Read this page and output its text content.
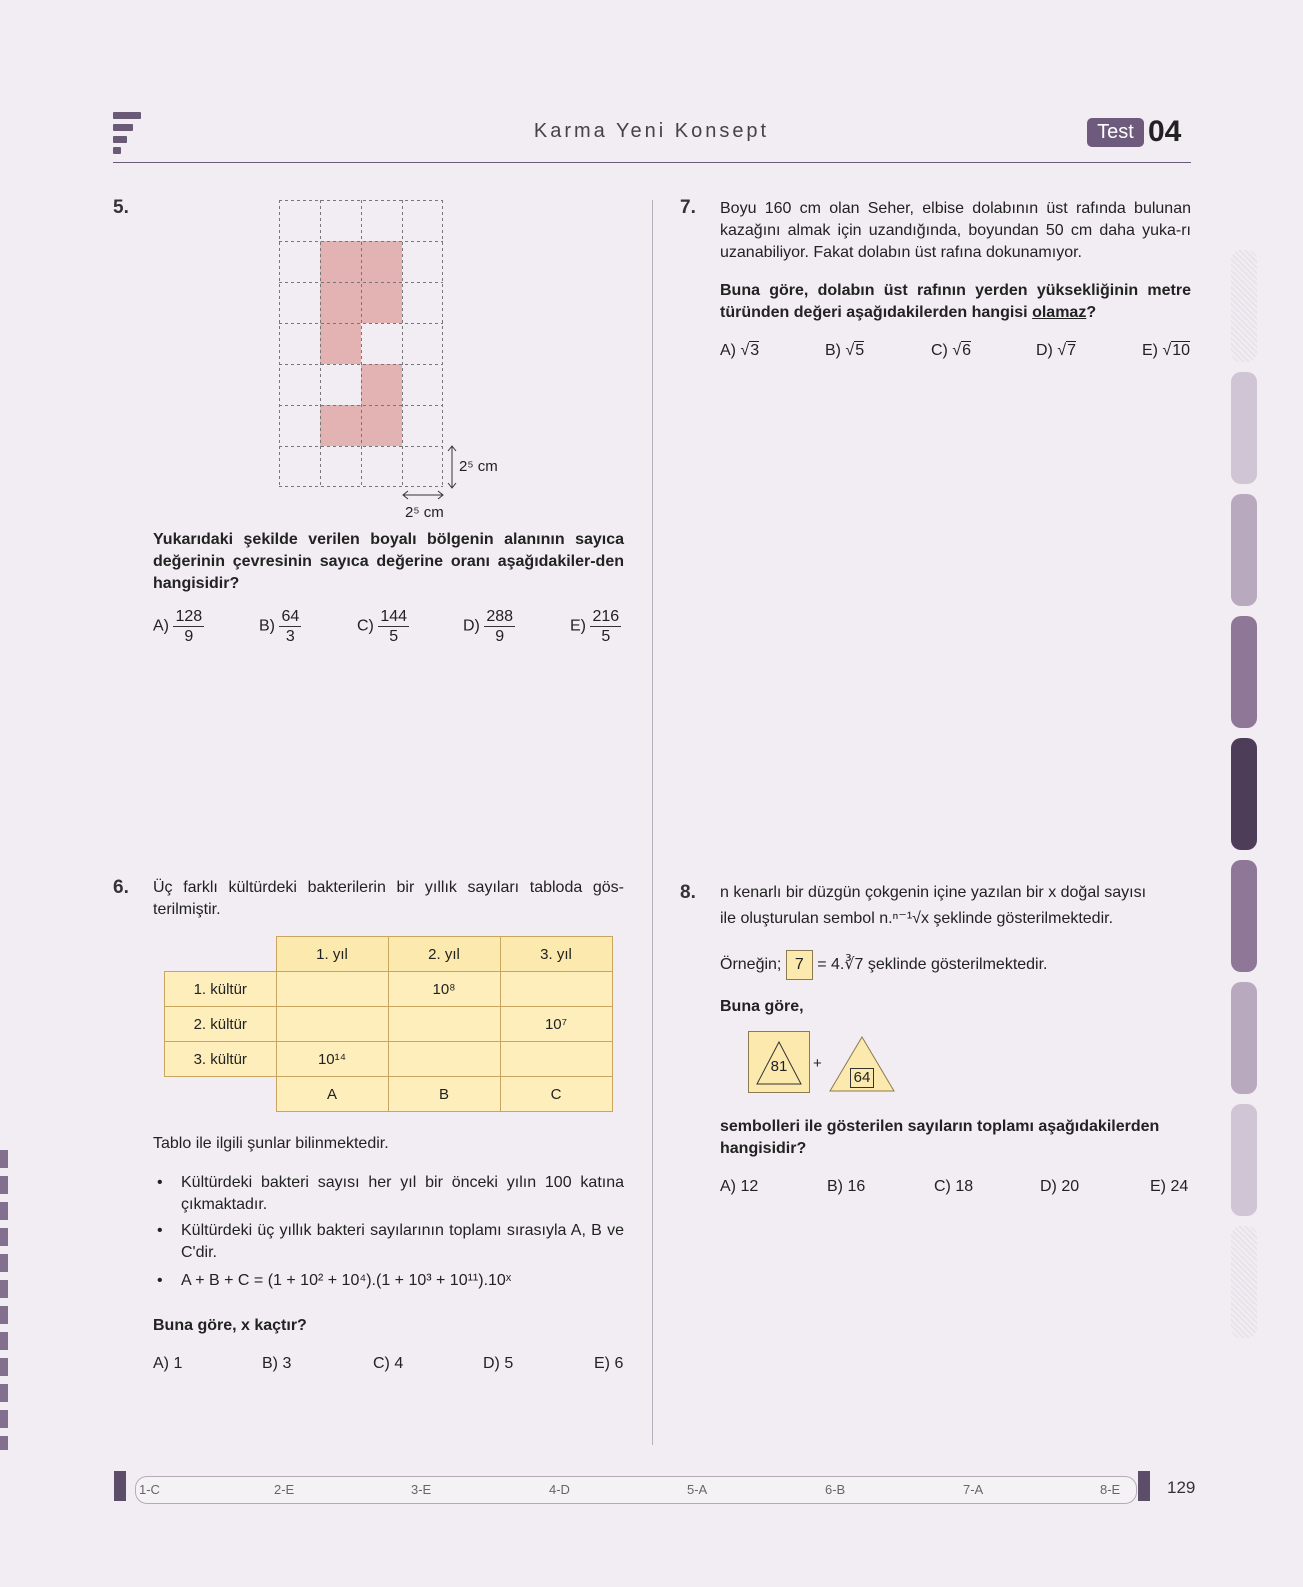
Karma Yeni Konsept	Test 04
5.
2⁵ cm
2⁵ cm
Yukarıdaki şekilde verilen boyalı bölgenin alanının sayıca değerinin çevresinin sayıca değerine oranı aşağıdakiler-den hangisidir?
$A) \frac{128}{9}$	$B) \frac{64}{3}$	$C) \frac{144}{5}$	$D) \frac{288}{9}$	$E) \frac{216}{5}$
6. Üç farklı kültürdeki bakterilerin bir yıllık sayıları tabloda gös-terilmiştir.
	1. yıl	2. yıl	3. yıl
1. kültür		10⁸	
2. kültür			10⁷
3. kültür	10¹⁴		
	A	B	C
Tablo ile ilgili şunlar bilinmektedir.
• Kültürdeki bakteri sayısı her yıl bir önceki yılın 100 katına çıkmaktadır.
• Kültürdeki üç yıllık bakteri sayılarının toplamı sırasıyla A, B ve C'dir.
• A + B + C = (1 + 10² + 10⁴).(1 + 10³ + 10¹¹).10ˣ
Buna göre, x kaçtır?
A) 1	B) 3	C) 4	D) 5	E) 6
7. Boyu 160 cm olan Seher, elbise dolabının üst rafında bulunan kazağını almak için uzandığında, boyundan 50 cm daha yuka-rı uzanabiliyor. Fakat dolabın üst rafına dokunamıyor.
Buna göre, dolabın üst rafının yerden yüksekliğinin metre türünden değeri aşağıdakilerden hangisi olamaz?
A) √3	B) √5	C) √6	D) √7	E) √10
8. n kenarlı bir düzgün çokgenin içine yazılan bir x doğal sayısı
ile oluşturulan sembol n.ⁿ⁻¹√x şeklinde gösterilmektedir.
Örneğin; 7 = 4.∛7 şeklinde gösterilmektedir.
Buna göre,
81	+
64
sembolleri ile gösterilen sayıların toplamı aşağıdakilerden hangisidir?
A) 12	B) 16	C) 18	D) 20	E) 24
1-C	2-E	3-E	4-D	5-A	6-B	7-A	8-E	129
